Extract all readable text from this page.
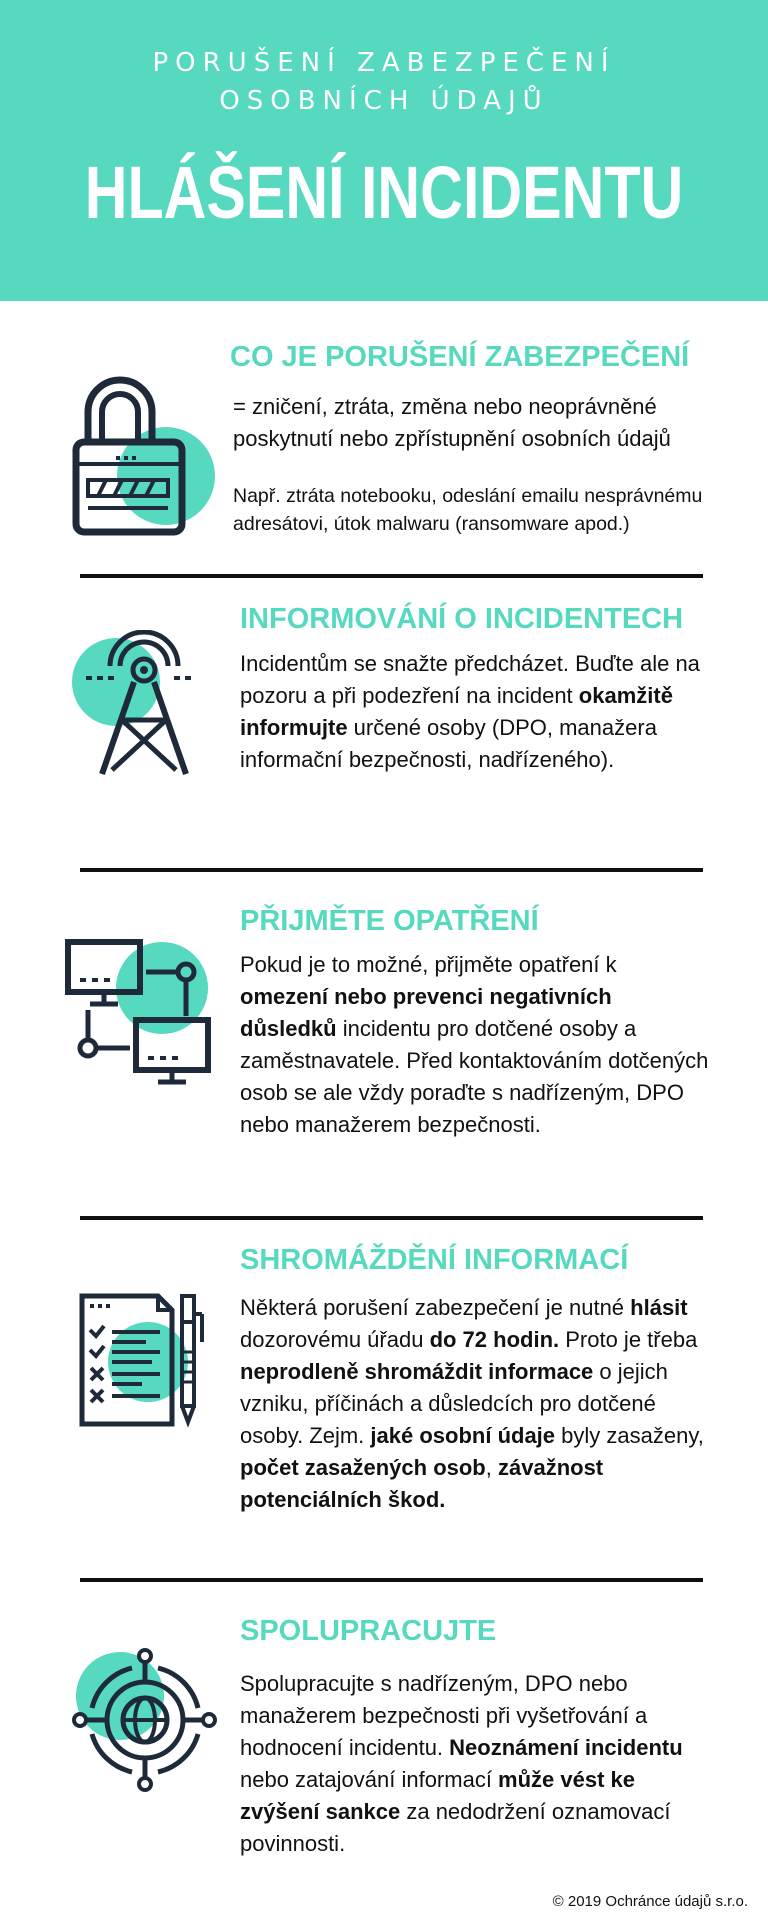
PORUŠENÍ ZABEZPEČENÍ
OSOBNÍCH ÚDAJŮ
HLÁŠENÍ INCIDENTU
CO JE PORUŠENÍ ZABEZPEČENÍ
= zničení, ztráta, změna nebo neoprávněné poskytnutí nebo zpřístupnění osobních údajů
Např. ztráta notebooku, odeslání emailu nesprávnému adresátovi, útok malwaru (ransomware apod.)
INFORMOVÁNÍ O INCIDENTECH
Incidentům se snažte předcházet. Buďte ale na pozoru a při podezření na incident okamžitě informujte určené osoby (DPO, manažera informační bezpečnosti, nadřízeného).
PŘIJMĚTE OPATŘENÍ
Pokud je to možné, přijměte opatření k omezení nebo prevenci negativních důsledků incidentu pro dotčené osoby a zaměstnavatele. Před kontaktováním dotčených osob se ale vždy poraďte s nadřízeným, DPO nebo manažerem bezpečnosti.
SHROMÁŽDĚNÍ INFORMACÍ
Některá porušení zabezpečení je nutné hlásit dozorovému úřadu do 72 hodin. Proto je třeba neprodleně shromáždit informace o jejich vzniku, příčinách a důsledcích pro dotčené osoby. Zejm. jaké osobní údaje byly zasaženy, počet zasažených osob, závažnost potenciálních škod.
SPOLUPRACUJTE
Spolupracujte s nadřízeným, DPO nebo manažerem bezpečnosti při vyšetřování a hodnocení incidentu. Neoznámení incidentu nebo zatajování informací může vést ke zvýšení sankce za nedodržení oznamovací povinnosti.
© 2019 Ochránce údajů s.r.o.
